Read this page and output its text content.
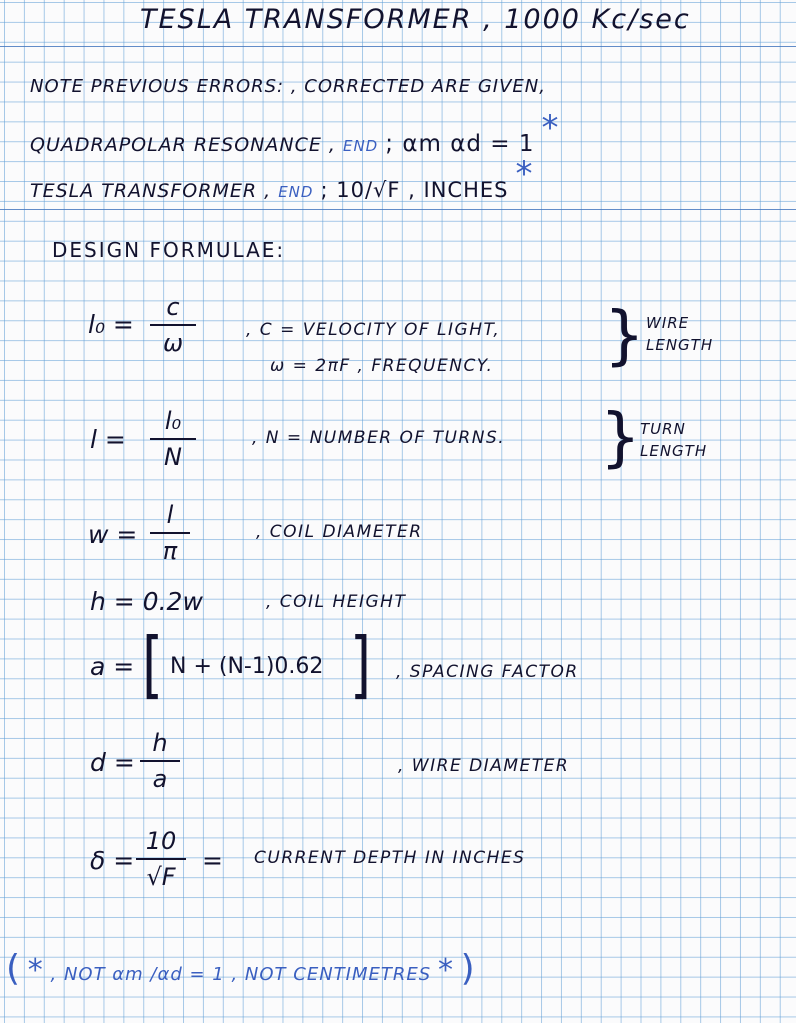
TESLA TRANSFORMER , 1000 Kc/sec
NOTE PREVIOUS ERRORS: , CORRECTED ARE GIVEN,
QUADRAPOLAR RESONANCE , END ; αm αd = 1 *
TESLA TRANSFORMER , END ; 10/√F , INCHES *
DESIGN FORMULAE:
l₀ =
c
ω	, C = VELOCITY OF LIGHT,
ω = 2πF , FREQUENCY. } WIRE
LENGTH
l =
l₀
N
, N = NUMBER OF TURNS. } TURN
LENGTH
w =
l
π
, COIL DIAMETER
h = 0.2w	, COIL HEIGHT
a = [ N + (N-1)0.62 ] , SPACING FACTOR
d =
h
a	, WIRE DIAMETER
δ =
10
√F
= CURRENT DEPTH IN INCHES
( * , NOT αm /αd = 1 , NOT CENTIMETRES * )
